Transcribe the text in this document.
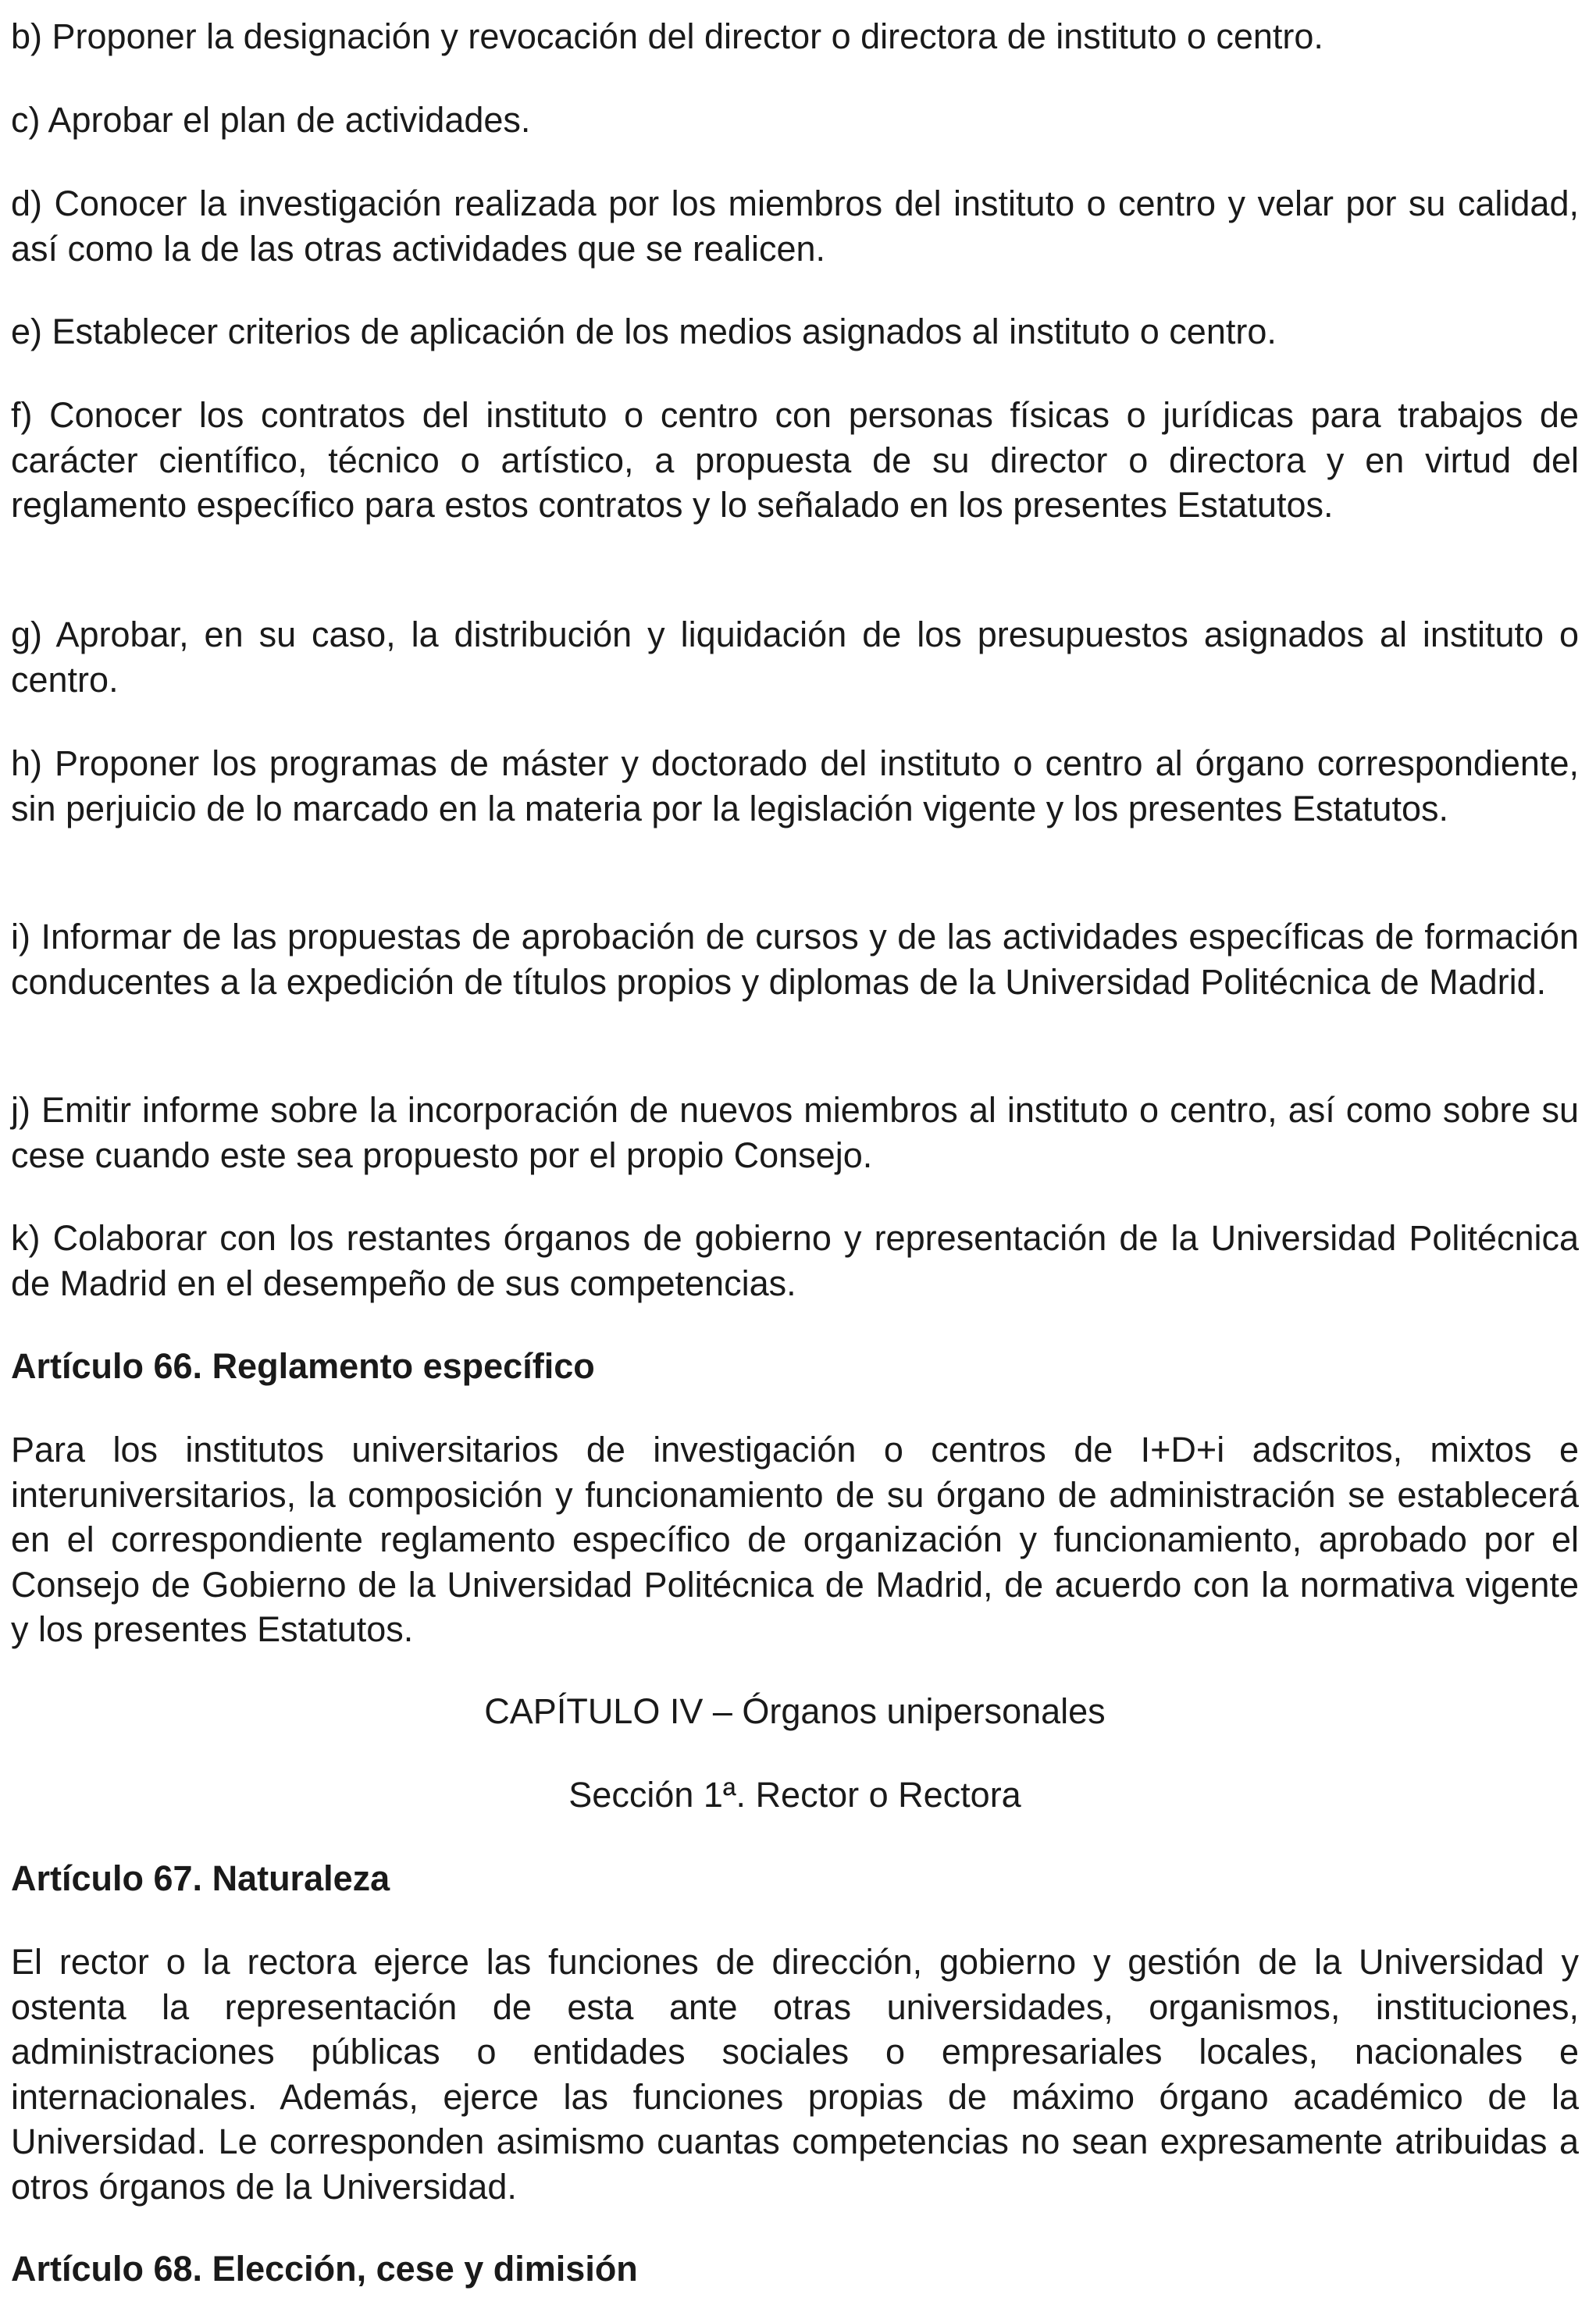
b) Proponer la designación y revocación del director o directora de instituto o centro.

c) Aprobar el plan de actividades.

d) Conocer la investigación realizada por los miembros del instituto o centro y velar por su calidad, así como la de las otras actividades que se realicen.

e) Establecer criterios de aplicación de los medios asignados al instituto o centro.

f) Conocer los contratos del instituto o centro con personas físicas o jurídicas para trabajos de carácter científico, técnico o artístico, a propuesta de su director o directora y en virtud del reglamento específico para estos contratos y lo señalado en los presentes Estatutos.

g) Aprobar, en su caso, la distribución y liquidación de los presupuestos asignados al instituto o centro.

h) Proponer los programas de máster y doctorado del instituto o centro al órgano correspondiente, sin perjuicio de lo marcado en la materia por la legislación vigente y los presentes Estatutos.

i) Informar de las propuestas de aprobación de cursos y de las actividades específicas de formación conducentes a la expedición de títulos propios y diplomas de la Universidad Politécnica de Madrid.

j) Emitir informe sobre la incorporación de nuevos miembros al instituto o centro, así como sobre su cese cuando este sea propuesto por el propio Consejo.

k) Colaborar con los restantes órganos de gobierno y representación de la Universidad Politécnica de Madrid en el desempeño de sus competencias.

Artículo 66. Reglamento específico

Para los institutos universitarios de investigación o centros de I+D+i adscritos, mixtos e interuniversitarios, la composición y funcionamiento de su órgano de administración se establecerá en el correspondiente reglamento específico de organización y funcionamiento, aprobado por el Consejo de Gobierno de la Universidad Politécnica de Madrid, de acuerdo con la normativa vigente y los presentes Estatutos.

CAPÍTULO IV – Órganos unipersonales

Sección 1ª. Rector o Rectora

Artículo 67. Naturaleza

El rector o la rectora ejerce las funciones de dirección, gobierno y gestión de la Universidad y ostenta la representación de esta ante otras universidades, organismos, instituciones, administraciones públicas o entidades sociales o empresariales locales, nacionales e internacionales. Además, ejerce las funciones propias de máximo órgano académico de la Universidad. Le corresponden asimismo cuantas competencias no sean expresamente atribuidas a otros órganos de la Universidad.

Artículo 68. Elección, cese y dimisión
